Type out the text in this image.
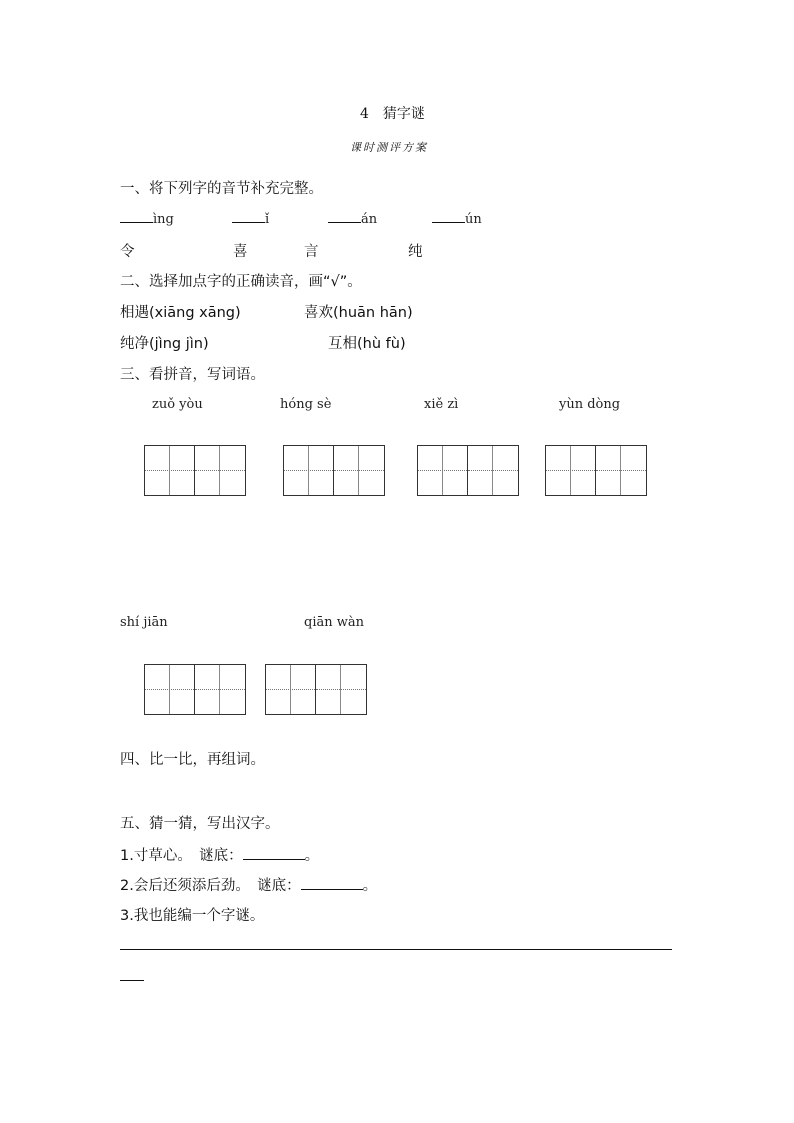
4　猜字谜
课时测评方案
一、将下列字的音节补充完整。
ìng	ǐ	án	ún
令	喜	言	纯
二、选择加点字的正确读音，画“√”。
相遇(xiāng xāng)	喜欢(huān hān)
纯净(jìng jìn)	互相(hù fù)
三、看拼音，写词语。
zuǒ yòu	hóng sè	xiě zì	yùn dòng
shí jiān	qiān wàn
四、比一比，再组词。
五、猜一猜，写出汉字。
1.寸草心。　谜底：	。
2.会后还须添后劲。　谜底：	。
3.我也能编一个字谜。
